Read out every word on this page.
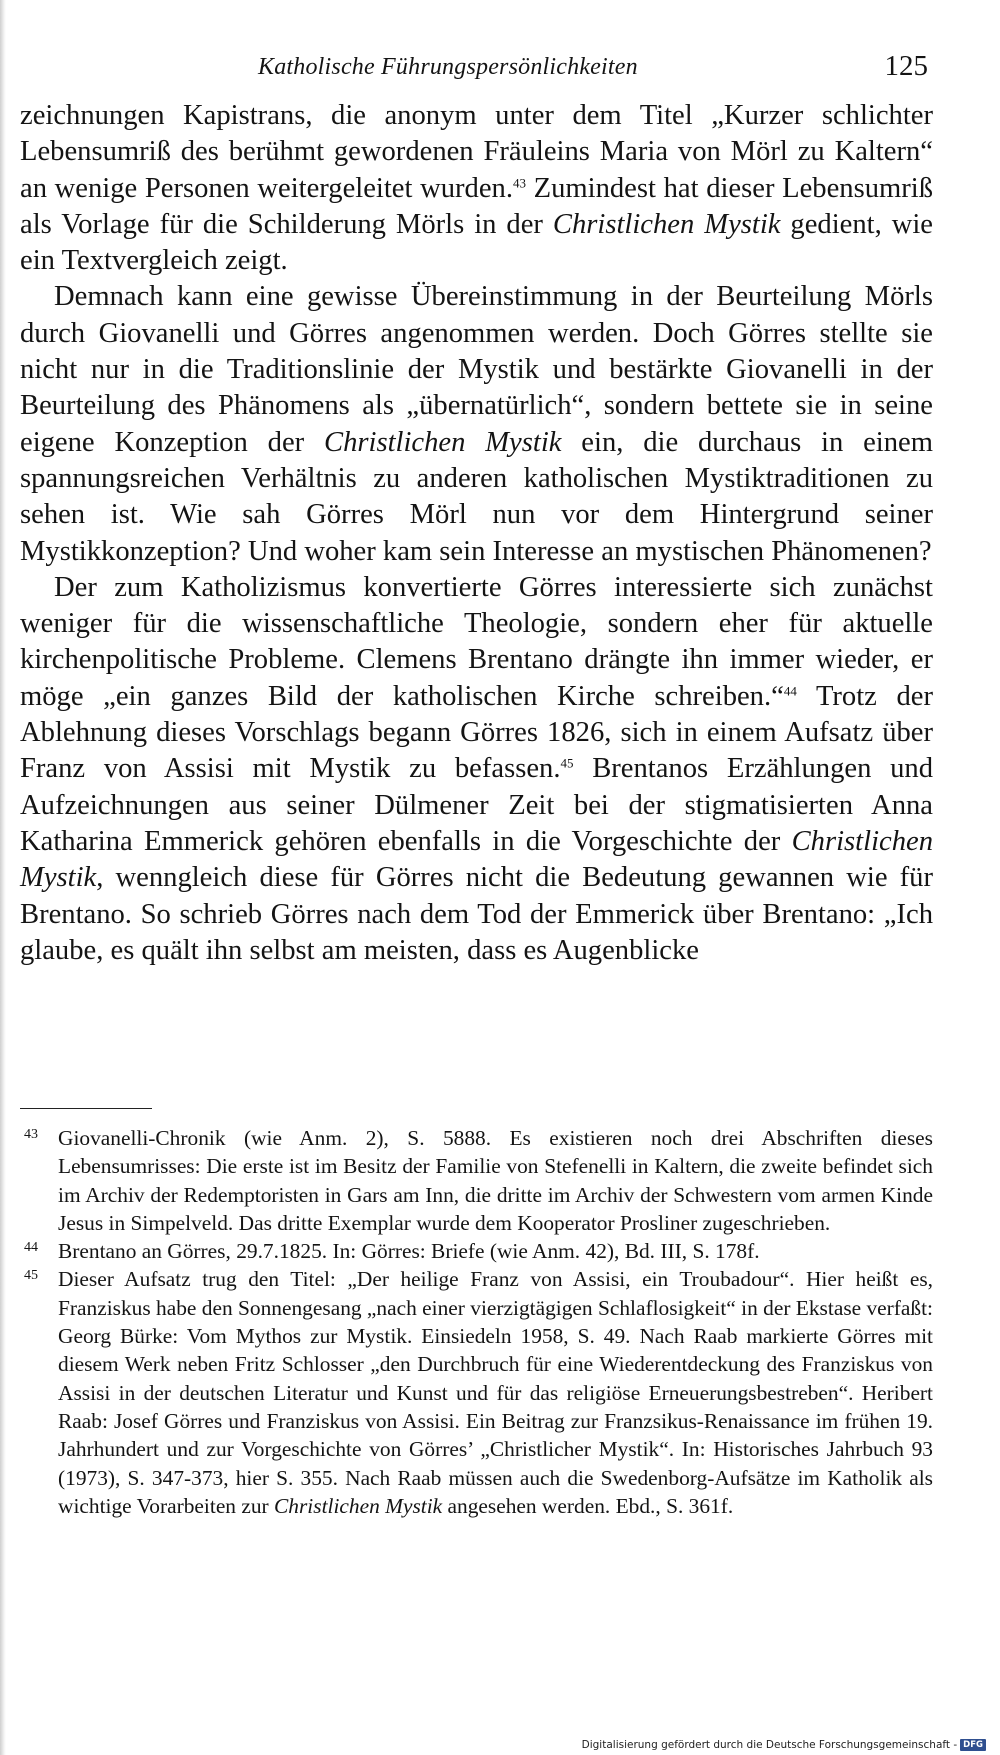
Katholische Führungspersönlichkeiten	125

zeichnungen Kapistrans, die anonym unter dem Titel „Kurzer schlichter Lebensumriß des berühmt gewordenen Fräuleins Maria von Mörl zu Kaltern“ an wenige Personen weitergeleitet wurden.$^{43}$ Zumindest hat dieser Lebensumriß als Vorlage für die Schilderung Mörls in der Christlichen Mystik gedient, wie ein Textvergleich zeigt.

Demnach kann eine gewisse Übereinstimmung in der Beurteilung Mörls durch Giovanelli und Görres angenommen werden. Doch Görres stellte sie nicht nur in die Traditionslinie der Mystik und bestärkte Giovanelli in der Beurteilung des Phänomens als „übernatürlich“, sondern bettete sie in seine eigene Konzeption der Christlichen Mystik ein, die durchaus in einem spannungsreichen Verhältnis zu anderen katholischen Mystiktraditionen zu sehen ist. Wie sah Görres Mörl nun vor dem Hintergrund seiner Mystikkonzeption? Und woher kam sein Interesse an mystischen Phänomenen?

Der zum Katholizismus konvertierte Görres interessierte sich zunächst weniger für die wissenschaftliche Theologie, sondern eher für aktuelle kirchenpolitische Probleme. Clemens Brentano drängte ihn immer wieder, er möge „ein ganzes Bild der katholischen Kirche schreiben.“$^{44}$ Trotz der Ablehnung dieses Vorschlags begann Görres 1826, sich in einem Aufsatz über Franz von Assisi mit Mystik zu befassen.$^{45}$ Brentanos Erzählungen und Aufzeichnungen aus seiner Dülmener Zeit bei der stigmatisierten Anna Katharina Emmerick gehören ebenfalls in die Vorgeschichte der Christlichen Mystik, wenngleich diese für Görres nicht die Bedeutung gewannen wie für Brentano. So schrieb Görres nach dem Tod der Emmerick über Brentano: „Ich glaube, es quält ihn selbst am meisten, dass es Augenblicke

43 Giovanelli-Chronik (wie Anm. 2), S. 5888. Es existieren noch drei Abschriften dieses Lebensumrisses: Die erste ist im Besitz der Familie von Stefenelli in Kaltern, die zweite befindet sich im Archiv der Redemptoristen in Gars am Inn, die dritte im Archiv der Schwestern vom armen Kinde Jesus in Simpelveld. Das dritte Exemplar wurde dem Kooperator Prosliner zugeschrieben.
44 Brentano an Görres, 29.7.1825. In: Görres: Briefe (wie Anm. 42), Bd. III, S. 178f.
45 Dieser Aufsatz trug den Titel: „Der heilige Franz von Assisi, ein Troubadour“. Hier heißt es, Franziskus habe den Sonnengesang „nach einer vierzigtägigen Schlaflosigkeit“ in der Ekstase verfaßt: Georg Bürke: Vom Mythos zur Mystik. Einsiedeln 1958, S. 49. Nach Raab markierte Görres mit diesem Werk neben Fritz Schlosser „den Durchbruch für eine Wiederentdeckung des Franziskus von Assisi in der deutschen Literatur und Kunst und für das religiöse Erneuerungsbestreben“. Heribert Raab: Josef Görres und Franziskus von Assisi. Ein Beitrag zur Franzsikus-Renaissance im frühen 19. Jahrhundert und zur Vorgeschichte von Görres’ „Christlicher Mystik“. In: Historisches Jahrbuch 93 (1973), S. 347-373, hier S. 355. Nach Raab müssen auch die Swedenborg-Aufsätze im Katholik als wichtige Vorarbeiten zur Christlichen Mystik angesehen werden. Ebd., S. 361f.
Digitalisierung gefördert durch die Deutsche Forschungsgemeinschaft - DFG
